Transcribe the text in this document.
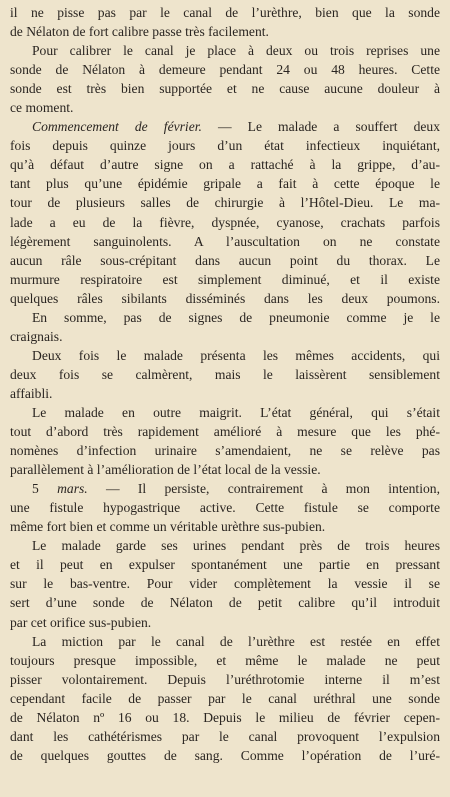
il ne pisse pas par le canal de l’urèthre, bien que la sonde
de Nélaton de fort calibre passe très facilement.
Pour calibrer le canal je place à deux ou trois reprises une
sonde de Nélaton à demeure pendant 24 ou 48 heures. Cette
sonde est très bien supportée et ne cause aucune douleur à
ce moment.
Commencement de février. — Le malade a souffert deux
fois depuis quinze jours d’un état infectieux inquiétant,
qu’à défaut d’autre signe on a rattaché à la grippe, d’au-
tant plus qu’une épidémie gripale a fait à cette époque le
tour de plusieurs salles de chirurgie à l’Hôtel-Dieu. Le ma-
lade a eu de la fièvre, dyspnée, cyanose, crachats parfois
légèrement sanguinolents. A l’auscultation on ne constate
aucun râle sous-crépitant dans aucun point du thorax. Le
murmure respiratoire est simplement diminué, et il existe
quelques râles sibilants disséminés dans les deux poumons.
En somme, pas de signes de pneumonie comme je le
craignais.
Deux fois le malade présenta les mêmes accidents, qui
deux fois se calmèrent, mais le laissèrent sensiblement
affaibli.
Le malade en outre maigrit. L’état général, qui s’était
tout d’abord très rapidement amélioré à mesure que les phé-
nomènes d’infection urinaire s’amendaient, ne se relève pas
parallèlement à l’amélioration de l’état local de la vessie.
5 mars. — Il persiste, contrairement à mon intention,
une fistule hypogastrique active. Cette fistule se comporte
même fort bien et comme un véritable urèthre sus-pubien.
Le malade garde ses urines pendant près de trois heures
et il peut en expulser spontanément une partie en pressant
sur le bas-ventre. Pour vider complètement la vessie il se
sert d’une sonde de Nélaton de petit calibre qu’il introduit
par cet orifice sus-pubien.
La miction par le canal de l’urèthre est restée en effet
toujours presque impossible, et même le malade ne peut
pisser volontairement. Depuis l’uréthrotomie interne il m’est
cependant facile de passer par le canal uréthral une sonde
de Nélaton nº 16 ou 18. Depuis le milieu de février cepen-
dant les cathétérismes par le canal provoquent l’expulsion
de quelques gouttes de sang. Comme l’opération de l’uré-
